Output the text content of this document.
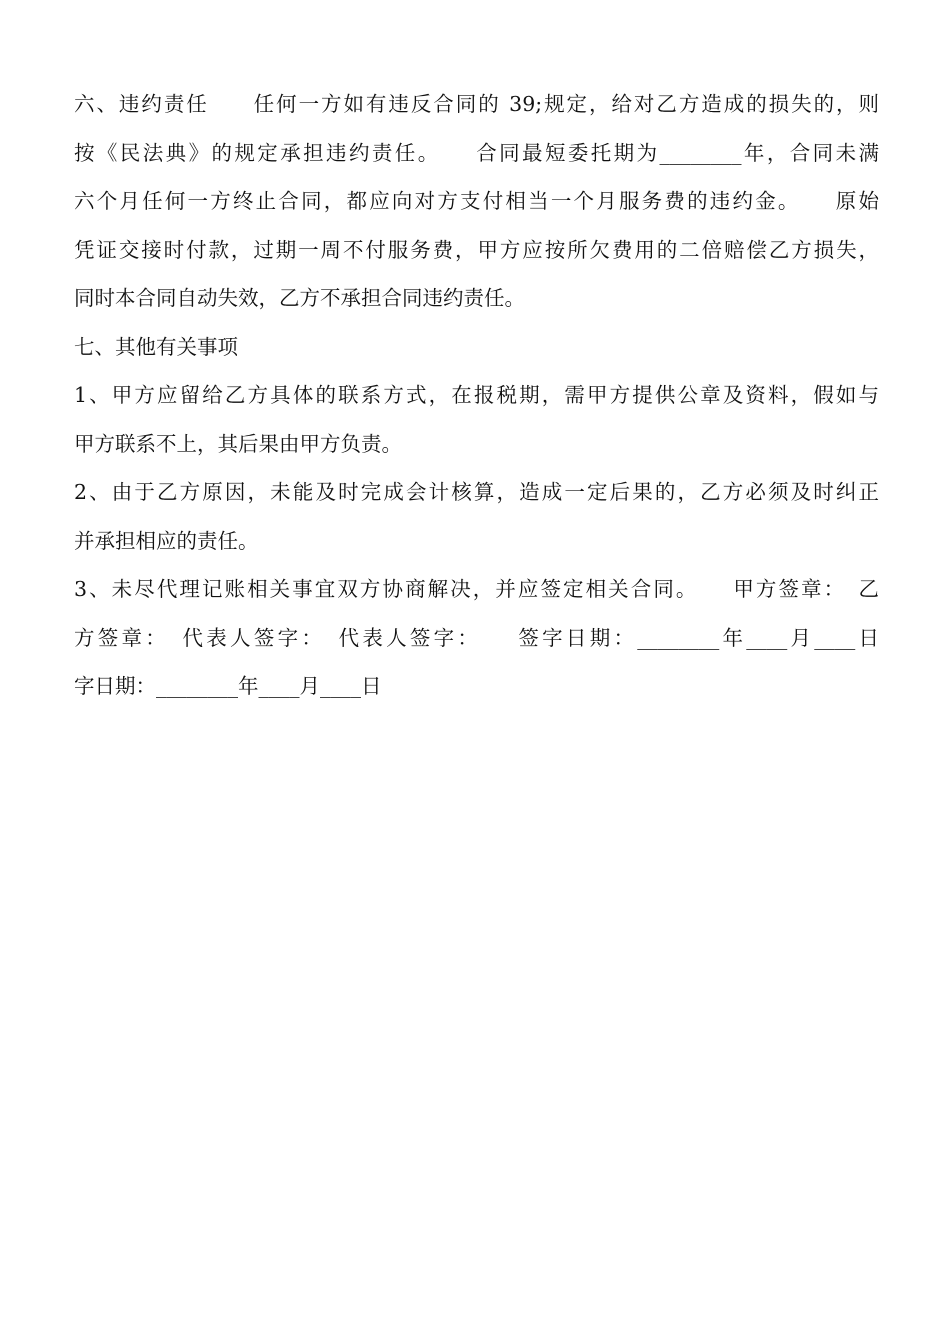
六、违约责任　　任何一方如有违反合同的 39;规定，给对乙方造成的损失的，则
按《民法典》的规定承担违约责任。　　合同最短委托期为________年，合同未满
六个月任何一方终止合同，都应向对方支付相当一个月服务费的违约金。　　原始
凭证交接时付款，过期一周不付服务费，甲方应按所欠费用的二倍赔偿乙方损失，
同时本合同自动失效，乙方不承担合同违约责任。
七、其他有关事项
1、甲方应留给乙方具体的联系方式，在报税期，需甲方提供公章及资料，假如与
甲方联系不上，其后果由甲方负责。
2、由于乙方原因，未能及时完成会计核算，造成一定后果的，乙方必须及时纠正
并承担相应的责任。
3、未尽代理记账相关事宜双方协商解决，并应签定相关合同。　　甲方签章：　乙
方签章：　代表人签字：　代表人签字：　　签字日期：________年____月____日
字日期：________年____月____日
